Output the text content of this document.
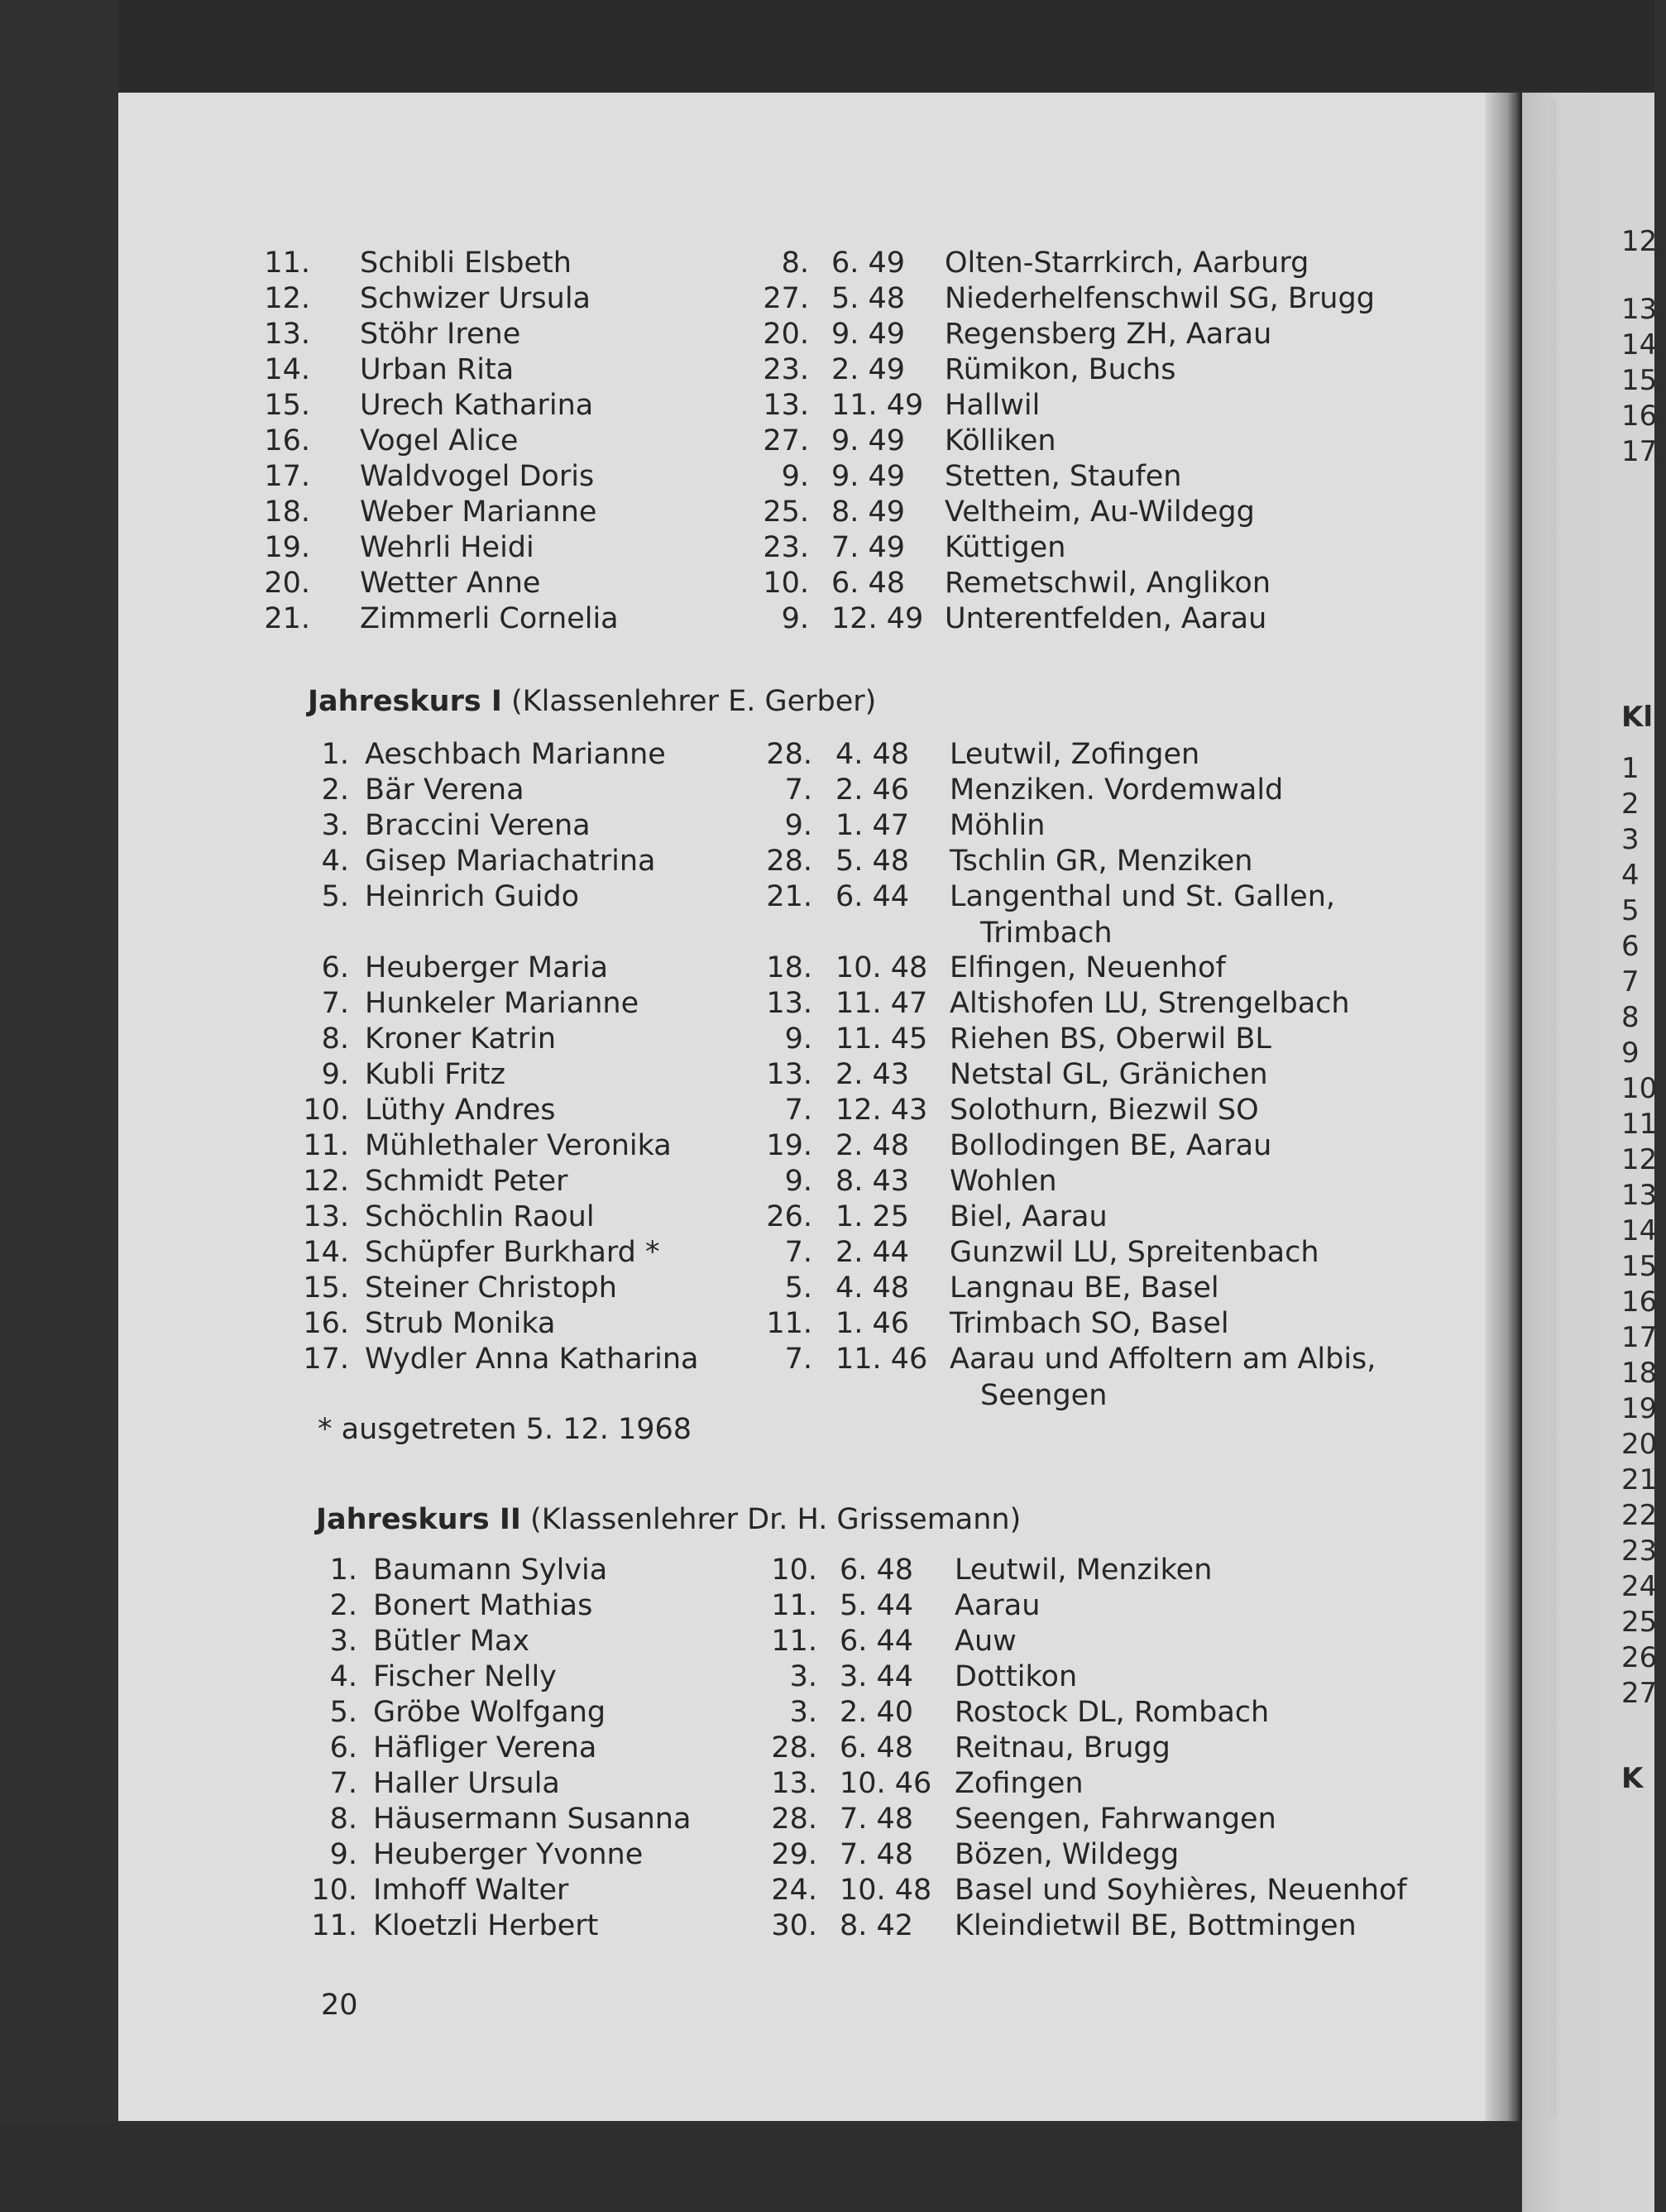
11. Schibli Elsbeth	8. 6. 49 Olten-Starrkirch, Aarburg
12. Schwizer Ursula	27. 5. 48 Niederhelfenschwil SG, Brugg
13. Stöhr Irene	20. 9. 49 Regensberg ZH, Aarau
14. Urban Rita	23. 2. 49 Rümikon, Buchs
15. Urech Katharina	13. 11. 49 Hallwil
16. Vogel Alice	27. 9. 49 Kölliken
17. Waldvogel Doris	9. 9. 49 Stetten, Staufen
18. Weber Marianne	25. 8. 49 Veltheim, Au-Wildegg
19. Wehrli Heidi	23. 7. 49 Küttigen
20. Wetter Anne	10. 6. 48 Remetschwil, Anglikon
21. Zimmerli Cornelia	9. 12. 49 Unterentfelden, Aarau
Jahreskurs I (Klassenlehrer E. Gerber)
1. Aeschbach Marianne	28. 4. 48 Leutwil, Zofingen
2. Bär Verena	7. 2. 46 Menziken. Vordemwald
3. Braccini Verena	9. 1. 47 Möhlin
4. Gisep Mariachatrina	28. 5. 48 Tschlin GR, Menziken
5. Heinrich Guido	21. 6. 44 Langenthal und St. Gallen,
Trimbach
6. Heuberger Maria	18. 10. 48 Elfingen, Neuenhof
7. Hunkeler Marianne	13. 11. 47 Altishofen LU, Strengelbach
8. Kroner Katrin	9. 11. 45 Riehen BS, Oberwil BL
9. Kubli Fritz	13. 2. 43 Netstal GL, Gränichen
10. Lüthy Andres	7. 12. 43 Solothurn, Biezwil SO
11. Mühlethaler Veronika	19. 2. 48 Bollodingen BE, Aarau
12. Schmidt Peter	9. 8. 43 Wohlen
13. Schöchlin Raoul	26. 1. 25 Biel, Aarau
14. Schüpfer Burkhard *	7. 2. 44 Gunzwil LU, Spreitenbach
15. Steiner Christoph	5. 4. 48 Langnau BE, Basel
16. Strub Monika	11. 1. 46 Trimbach SO, Basel
17. Wydler Anna Katharina	7. 11. 46 Aarau und Affoltern am Albis,
Seengen
* ausgetreten 5. 12. 1968
Jahreskurs II (Klassenlehrer Dr. H. Grissemann)
1. Baumann Sylvia	10. 6. 48 Leutwil, Menziken
2. Bonert Mathias	11. 5. 44 Aarau
3. Bütler Max	11. 6. 44 Auw
4. Fischer Nelly	3. 3. 44 Dottikon
5. Gröbe Wolfgang	3. 2. 40 Rostock DL, Rombach
6. Häfliger Verena	28. 6. 48 Reitnau, Brugg
7. Haller Ursula	13. 10. 46 Zofingen
8. Häusermann Susanna	28. 7. 48 Seengen, Fahrwangen
9. Heuberger Yvonne	29. 7. 48 Bözen, Wildegg
10. Imhoff Walter	24. 10. 48 Basel und Soyhières, Neuenhof
11. Kloetzli Herbert	30. 8. 42 Kleindietwil BE, Bottmingen
20
12.
13.
14.
15.
16.
17.
Kl
1
2
3
4
5
6
7
8
9
10
11
12
13
14
15
16
17
18
19
20
21
22
23
24
25
26
27
K
